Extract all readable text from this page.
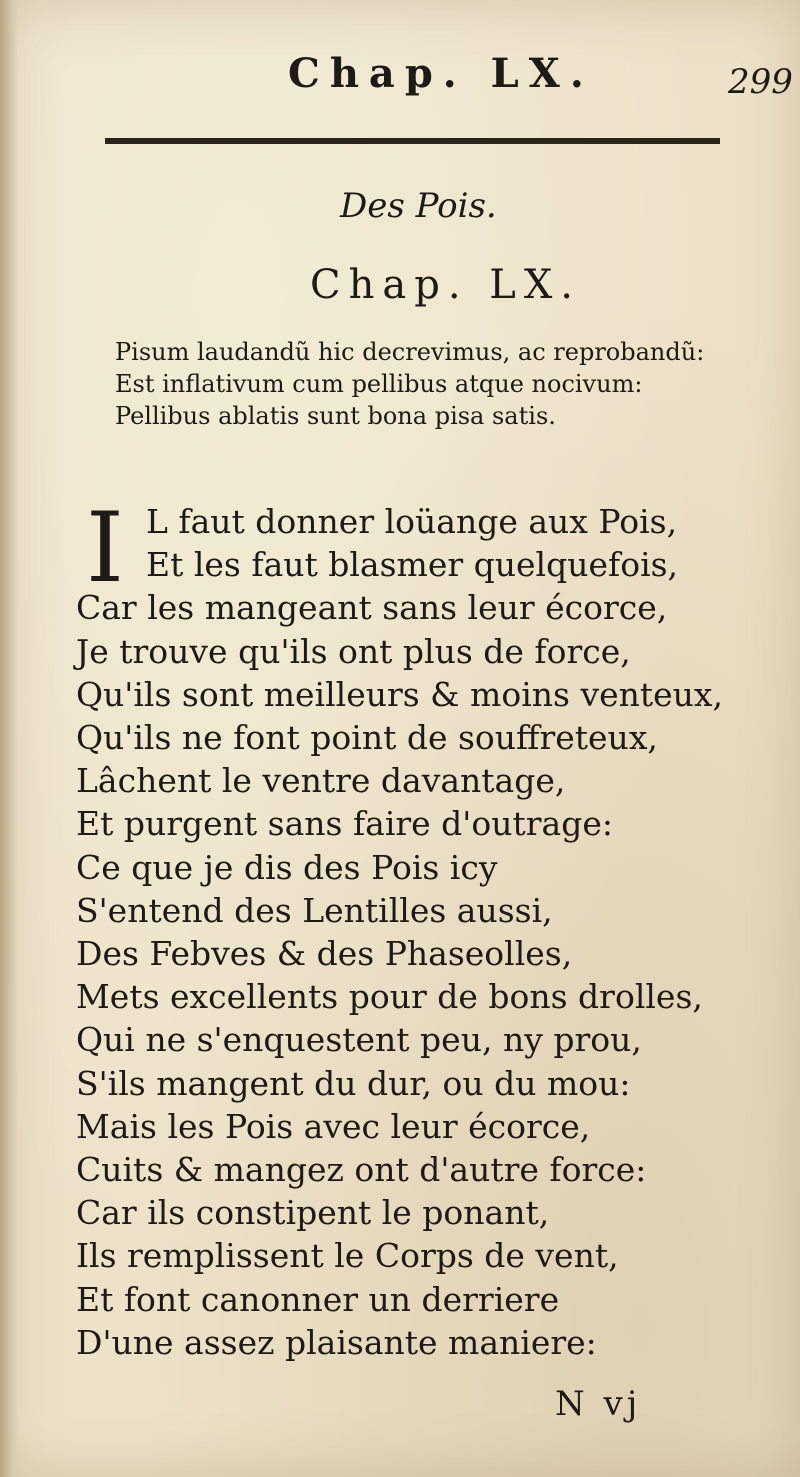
Chap. LX.	299
Des Pois.
Chap. LX.
Pisum laudandũ hic decrevimus, ac reprobandũ:
Est inflativum cum pellibus atque nocivum:
Pellibus ablatis sunt bona pisa satis.
I L faut donner loüange aux Pois,
Et les faut blasmer quelquefois,
Car les mangeant sans leur écorce,
Je trouve qu'ils ont plus de force,
Qu'ils sont meilleurs & moins venteux,
Qu'ils ne font point de souffreteux,
Lâchent le ventre davantage,
Et purgent sans faire d'outrage:
Ce que je dis des Pois icy
S'entend des Lentilles aussi,
Des Febves & des Phaseolles,
Mets excellents pour de bons drolles,
Qui ne s'enquestent peu, ny prou,
S'ils mangent du dur, ou du mou:
Mais les Pois avec leur écorce,
Cuits & mangez ont d'autre force:
Car ils constipent le ponant,
Ils remplissent le Corps de vent,
Et font canonner un derriere
D'une assez plaisante maniere:
N vj
